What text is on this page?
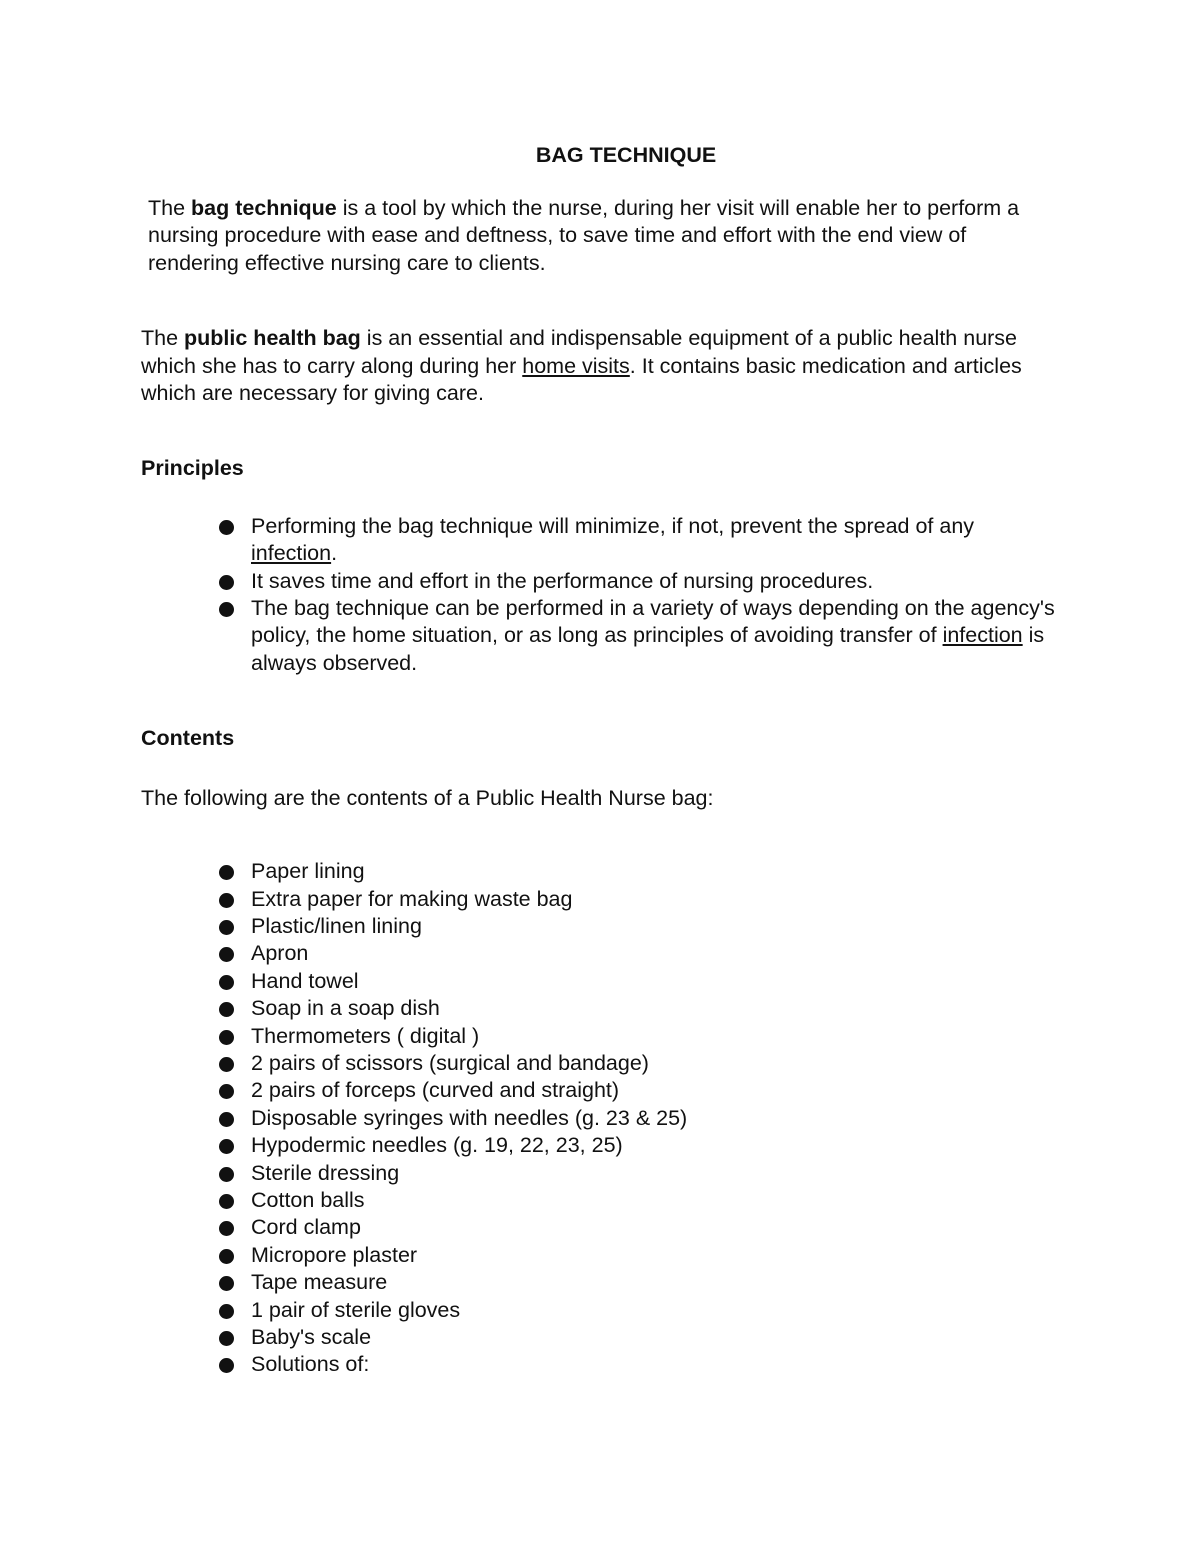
BAG TECHNIQUE

The bag technique is a tool by which the nurse, during her visit will enable her to perform a nursing procedure with ease and deftness, to save time and effort with the end view of rendering effective nursing care to clients.

The public health bag is an essential and indispensable equipment of a public health nurse which she has to carry along during her home visits. It contains basic medication and articles which are necessary for giving care.

Principles

Performing the bag technique will minimize, if not, prevent the spread of any infection.
It saves time and effort in the performance of nursing procedures.
The bag technique can be performed in a variety of ways depending on the agency's policy, the home situation, or as long as principles of avoiding transfer of infection is always observed.

Contents

The following are the contents of a Public Health Nurse bag:

Paper lining
Extra paper for making waste bag
Plastic/linen lining
Apron
Hand towel
Soap in a soap dish
Thermometers ( digital )
2 pairs of scissors (surgical and bandage)
2 pairs of forceps (curved and straight)
Disposable syringes with needles (g. 23 & 25)
Hypodermic needles (g. 19, 22, 23, 25)
Sterile dressing
Cotton balls
Cord clamp
Micropore plaster
Tape measure
1 pair of sterile gloves
Baby's scale
Solutions of:
